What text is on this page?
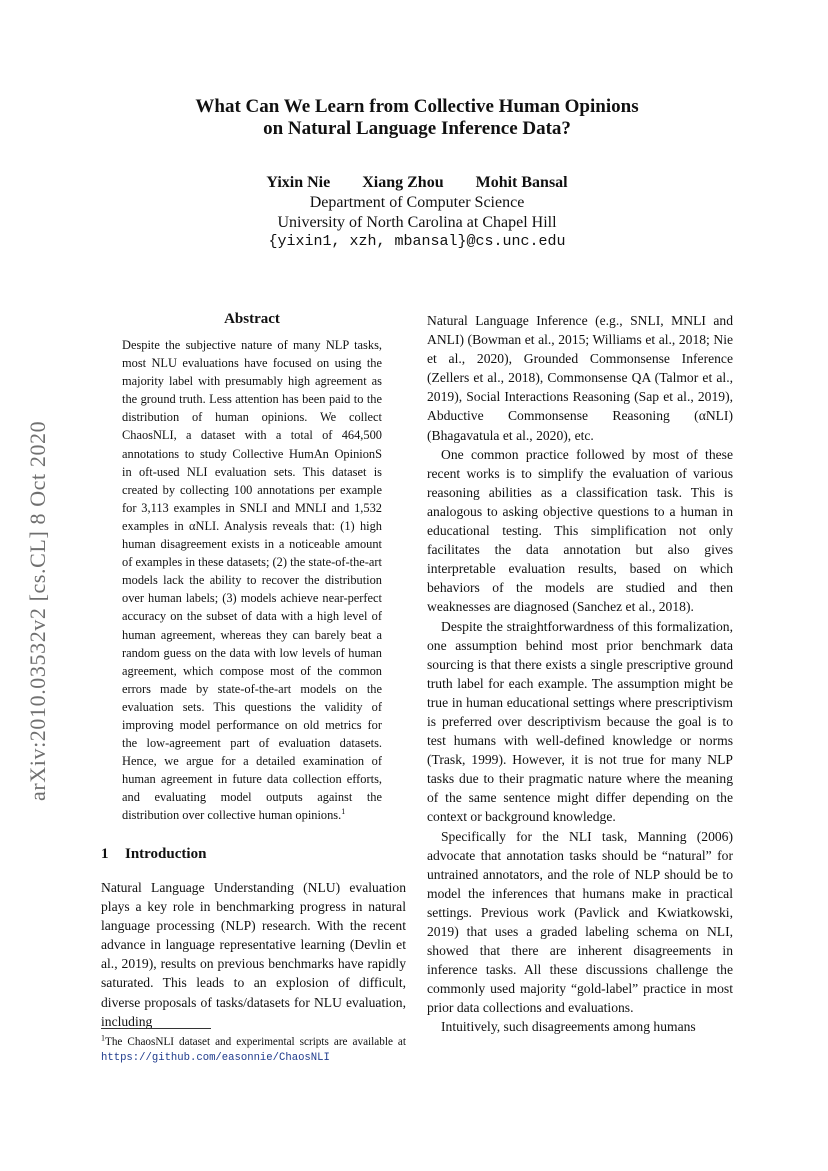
arXiv:2010.03532v2 [cs.CL] 8 Oct 2020
What Can We Learn from Collective Human Opinions
on Natural Language Inference Data?
Yixin Nie Xiang Zhou Mohit Bansal
Department of Computer Science
University of North Carolina at Chapel Hill
{yixin1, xzh, mbansal}@cs.unc.edu
Abstract
Despite the subjective nature of many NLP tasks, most NLU evaluations have focused on using the majority label with presumably high agreement as the ground truth. Less attention has been paid to the distribution of human opinions. We collect ChaosNLI, a dataset with a total of 464,500 annotations to study Collective HumAn OpinionS in oft-used NLI evaluation sets. This dataset is created by collecting 100 annotations per example for 3,113 examples in SNLI and MNLI and 1,532 examples in αNLI. Analysis reveals that: (1) high human disagreement exists in a noticeable amount of examples in these datasets; (2) the state-of-the-art models lack the ability to recover the distribution over human labels; (3) models achieve near-perfect accuracy on the subset of data with a high level of human agreement, whereas they can barely beat a random guess on the data with low levels of human agreement, which compose most of the common errors made by state-of-the-art models on the evaluation sets. This questions the validity of improving model performance on old metrics for the low-agreement part of evaluation datasets. Hence, we argue for a detailed examination of human agreement in future data collection efforts, and evaluating model outputs against the distribution over collective human opinions.$^1$
1 Introduction
Natural Language Understanding (NLU) evaluation plays a key role in benchmarking progress in natural language processing (NLP) research. With the recent advance in language representative learning (Devlin et al., 2019), results on previous benchmarks have rapidly saturated. This leads to an explosion of difficult, diverse proposals of tasks/datasets for NLU evaluation, including
$^1$The ChaosNLI dataset and experimental scripts are available at https://github.com/easonnie/ChaosNLI

Natural Language Inference (e.g., SNLI, MNLI and ANLI) (Bowman et al., 2015; Williams et al., 2018; Nie et al., 2020), Grounded Commonsense Inference (Zellers et al., 2018), Commonsense QA (Talmor et al., 2019), Social Interactions Reasoning (Sap et al., 2019), Abductive Commonsense Reasoning (αNLI) (Bhagavatula et al., 2020), etc.

One common practice followed by most of these recent works is to simplify the evaluation of various reasoning abilities as a classification task. This is analogous to asking objective questions to a human in educational testing. This simplification not only facilitates the data annotation but also gives interpretable evaluation results, based on which behaviors of the models are studied and then weaknesses are diagnosed (Sanchez et al., 2018).

Despite the straightforwardness of this formalization, one assumption behind most prior benchmark data sourcing is that there exists a single prescriptive ground truth label for each example. The assumption might be true in human educational settings where prescriptivism is preferred over descriptivism because the goal is to test humans with well-defined knowledge or norms (Trask, 1999). However, it is not true for many NLP tasks due to their pragmatic nature where the meaning of the same sentence might differ depending on the context or background knowledge.

Specifically for the NLI task, Manning (2006) advocate that annotation tasks should be “natural” for untrained annotators, and the role of NLP should be to model the inferences that humans make in practical settings. Previous work (Pavlick and Kwiatkowski, 2019) that uses a graded labeling schema on NLI, showed that there are inherent disagreements in inference tasks. All these discussions challenge the commonly used majority “gold-label” practice in most prior data collections and evaluations.

Intuitively, such disagreements among humans
